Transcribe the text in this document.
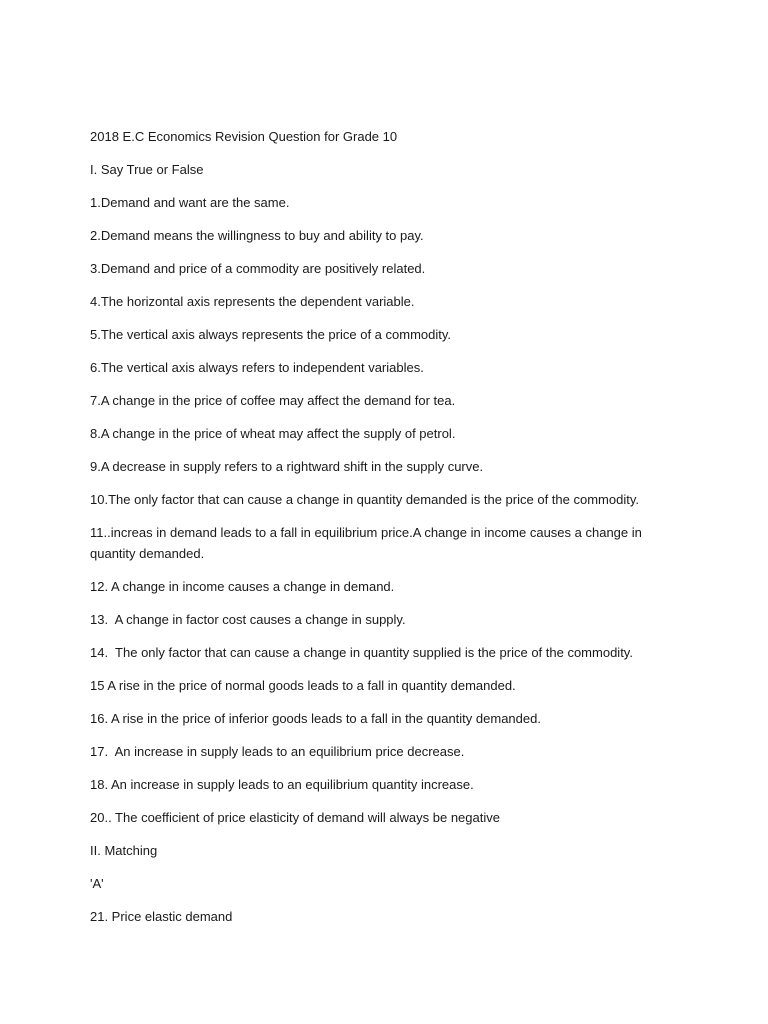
2018 E.C Economics Revision Question for Grade 10

I. Say True or False

1.Demand and want are the same.

2.Demand means the willingness to buy and ability to pay.

3.Demand and price of a commodity are positively related.

4.The horizontal axis represents the dependent variable.

5.The vertical axis always represents the price of a commodity.

6.The vertical axis always refers to independent variables.

7.A change in the price of coffee may affect the demand for tea.

8.A change in the price of wheat may affect the supply of petrol.

9.A decrease in supply refers to a rightward shift in the supply curve.

10.The only factor that can cause a change in quantity demanded is the price of the commodity.

11..increas in demand leads to a fall in equilibrium price.A change in income causes a change in quantity demanded.

12. A change in income causes a change in demand.

13.  A change in factor cost causes a change in supply.

14.  The only factor that can cause a change in quantity supplied is the price of the commodity.

15 A rise in the price of normal goods leads to a fall in quantity demanded.

16. A rise in the price of inferior goods leads to a fall in the quantity demanded.

17.  An increase in supply leads to an equilibrium price decrease.

18. An increase in supply leads to an equilibrium quantity increase.

20.. The coefficient of price elasticity of demand will always be negative

II. Matching

'A'

21. Price elastic demand
